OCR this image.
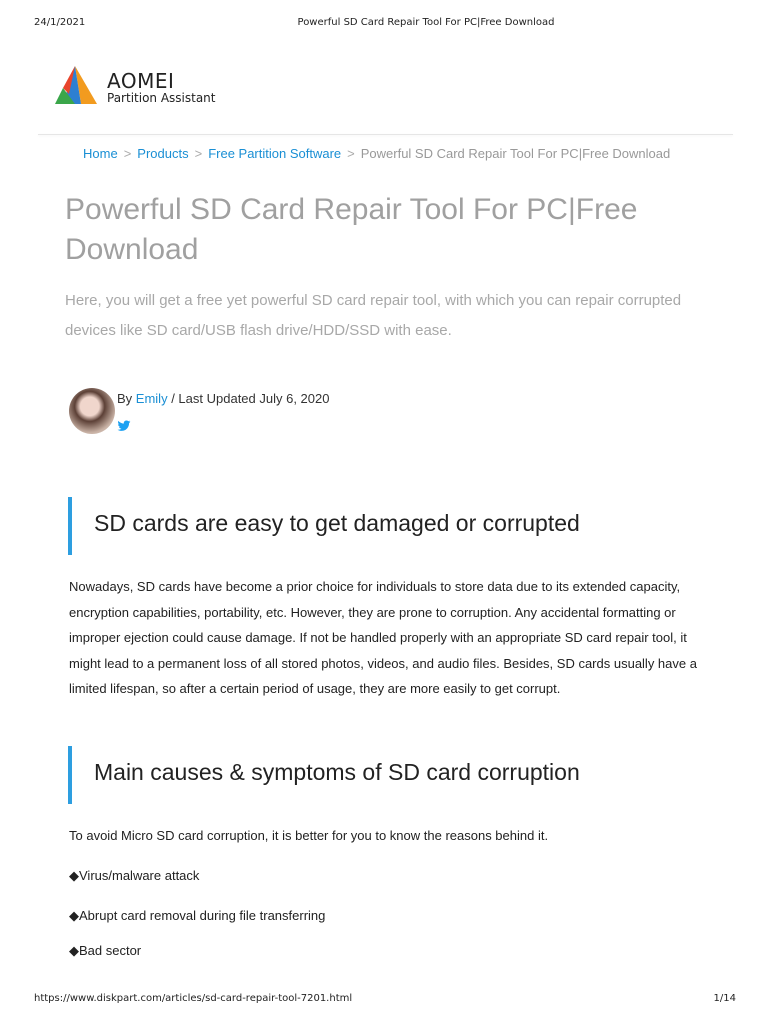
24/1/2021	Powerful SD Card Repair Tool For PC|Free Download
AOMEI
Partition Assistant
Home > Products > Free Partition Software > Powerful SD Card Repair Tool For PC|Free Download
Powerful SD Card Repair Tool For PC|Free Download

Here, you will get a free yet powerful SD card repair tool, with which you can repair corrupted devices like SD card/USB flash drive/HDD/SSD with ease.

By Emily / Last Updated July 6, 2020
SD cards are easy to get damaged or corrupted

Nowadays, SD cards have become a prior choice for individuals to store data due to its extended capacity, encryption capabilities, portability, etc. However, they are prone to corruption. Any accidental formatting or improper ejection could cause damage. If not be handled properly with an appropriate SD card repair tool, it might lead to a permanent loss of all stored photos, videos, and audio files. Besides, SD cards usually have a limited lifespan, so after a certain period of usage, they are more easily to get corrupt.

Main causes & symptoms of SD card corruption

To avoid Micro SD card corruption, it is better for you to know the reasons behind it.

◆Virus/malware attack
◆Abrupt card removal during file transferring
◆Bad sector
https://www.diskpart.com/articles/sd-card-repair-tool-7201.html	1/14
